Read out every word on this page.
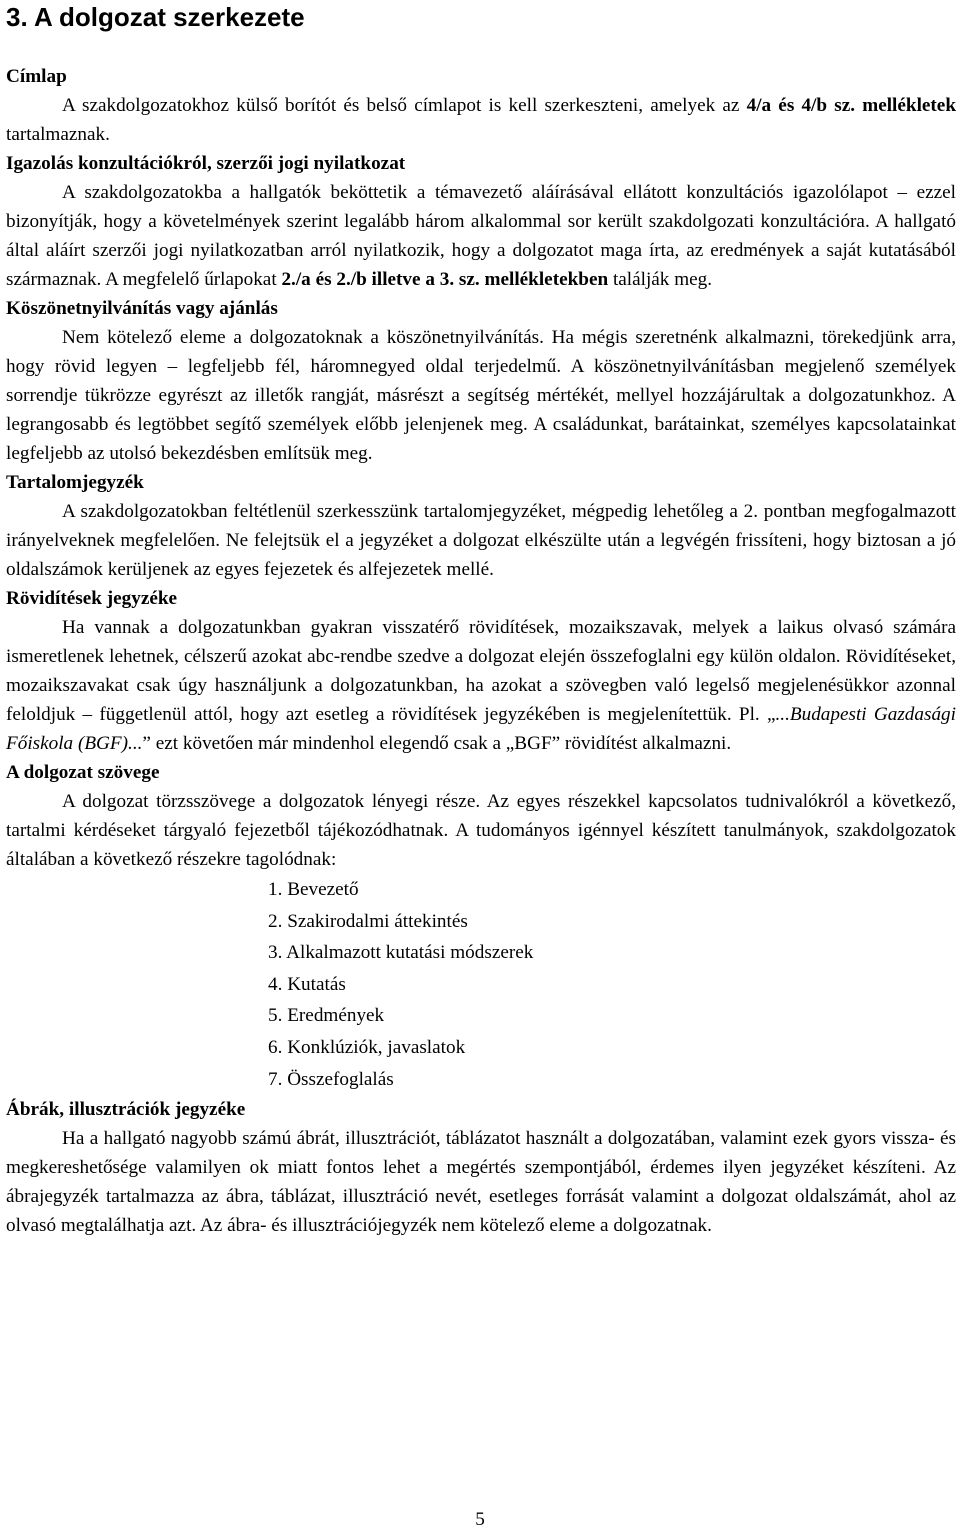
3. A dolgozat szerkezete

Címlap

A szakdolgozatokhoz külső borítót és belső címlapot is kell szerkeszteni, amelyek az 4/a és 4/b sz. mellékletek tartalmaznak.

Igazolás konzultációkról, szerzői jogi nyilatkozat

A szakdolgozatokba a hallgatók beköttetik a témavezető aláírásával ellátott konzultációs igazolólapot – ezzel bizonyítják, hogy a követelmények szerint legalább három alkalommal sor került szakdolgozati konzultációra. A hallgató által aláírt szerzői jogi nyilatkozatban arról nyilatkozik, hogy a dolgozatot maga írta, az eredmények a saját kutatásából származnak. A megfelelő űrlapokat 2./a és 2./b illetve a 3. sz. mellékletekben találják meg.

Köszönetnyilvánítás vagy ajánlás

Nem kötelező eleme a dolgozatoknak a köszönetnyilvánítás. Ha mégis szeretnénk alkalmazni, törekedjünk arra, hogy rövid legyen – legfeljebb fél, háromnegyed oldal terjedelmű. A köszönetnyilvánításban megjelenő személyek sorrendje tükrözze egyrészt az illetők rangját, másrészt a segítség mértékét, mellyel hozzájárultak a dolgozatunkhoz. A legrangosabb és legtöbbet segítő személyek előbb jelenjenek meg. A családunkat, barátainkat, személyes kapcsolatainkat legfeljebb az utolsó bekezdésben említsük meg.

Tartalomjegyzék

A szakdolgozatokban feltétlenül szerkesszünk tartalomjegyzéket, mégpedig lehetőleg a 2. pontban megfogalmazott irányelveknek megfelelően. Ne felejtsük el a jegyzéket a dolgozat elkészülte után a legvégén frissíteni, hogy biztosan a jó oldalszámok kerüljenek az egyes fejezetek és alfejezetek mellé.

Rövidítések jegyzéke

Ha vannak a dolgozatunkban gyakran visszatérő rövidítések, mozaikszavak, melyek a laikus olvasó számára ismeretlenek lehetnek, célszerű azokat abc-rendbe szedve a dolgozat elején összefoglalni egy külön oldalon. Rövidítéseket, mozaikszavakat csak úgy használjunk a dolgozatunkban, ha azokat a szövegben való legelső megjelenésükkor azonnal feloldjuk – függetlenül attól, hogy azt esetleg a rövidítések jegyzékében is megjelenítettük. Pl. „...Budapesti Gazdasági Főiskola (BGF)...” ezt követően már mindenhol elegendő csak a „BGF” rövidítést alkalmazni.

A dolgozat szövege

A dolgozat törzsszövege a dolgozatok lényegi része. Az egyes részekkel kapcsolatos tudnivalókról a következő, tartalmi kérdéseket tárgyaló fejezetből tájékozódhatnak. A tudományos igénnyel készített tanulmányok, szakdolgozatok általában a következő részekre tagolódnak:

1. Bevezető
2. Szakirodalmi áttekintés
3. Alkalmazott kutatási módszerek
4. Kutatás
5. Eredmények
6. Konklúziók, javaslatok
7. Összefoglalás

Ábrák, illusztrációk jegyzéke

Ha a hallgató nagyobb számú ábrát, illusztrációt, táblázatot használt a dolgozatában, valamint ezek gyors vissza- és megkereshetősége valamilyen ok miatt fontos lehet a megértés szempontjából, érdemes ilyen jegyzéket készíteni. Az ábrajegyzék tartalmazza az ábra, táblázat, illusztráció nevét, esetleges forrását valamint a dolgozat oldalszámát, ahol az olvasó megtalálhatja azt. Az ábra- és illusztrációjegyzék nem kötelező eleme a dolgozatnak.

5
